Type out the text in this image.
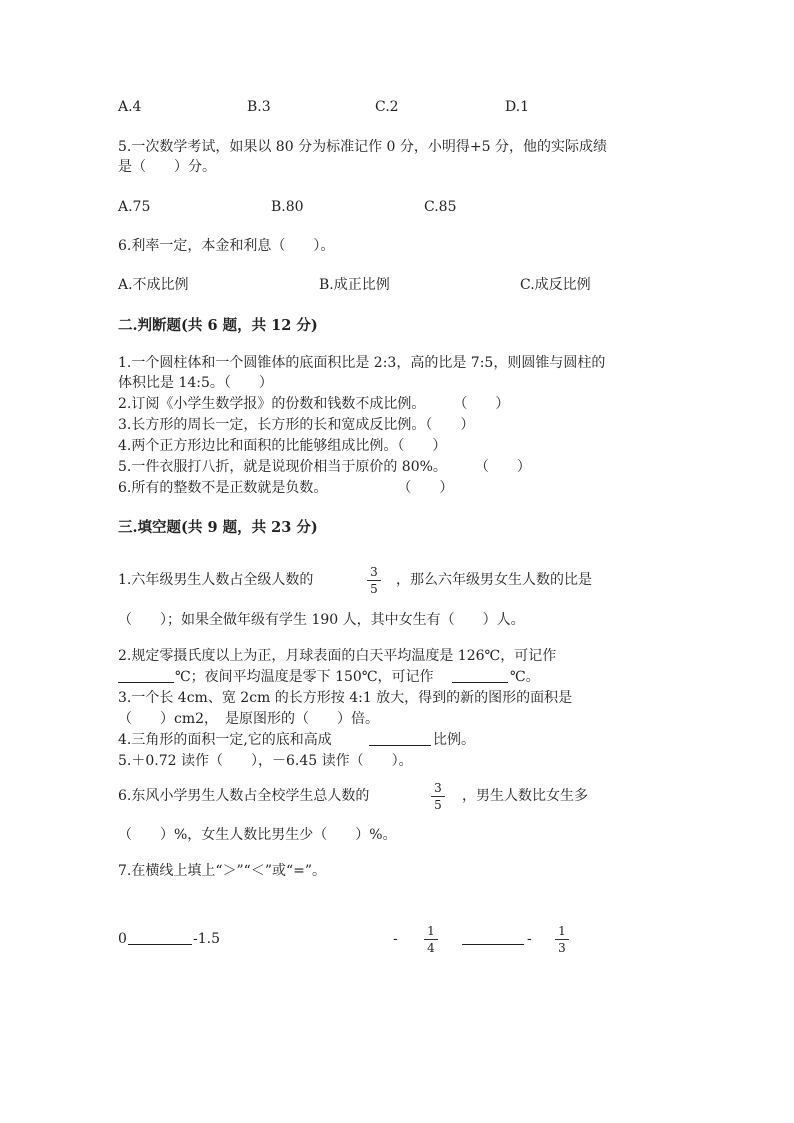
A.4	B.3	C.2	D.1
5.一次数学考试，如果以 80 分为标准记作 0 分，小明得+5 分，他的实际成绩
是（　　）分。
A.75	B.80	C.85
6.利率一定，本金和利息（　　）。
A.不成比例	B.成正比例	C.成反比例
二.判断题(共 6 题，共 12 分)
1.一个圆柱体和一个圆锥体的底面积比是 2:3，高的比是 7:5，则圆锥与圆柱的
体积比是 14:5。（　　）
2.订阅《小学生数学报》的份数和钱数不成比例。　　　（　　）
3.长方形的周长一定，长方形的长和宽成反比例。（　　）
4.两个正方形边比和面积的比能够组成比例。（　　）
5.一件衣服打八折，就是说现价相当于原价的 80%。　　　（　　）
6.所有的整数不是正数就是负数。　　　　　　（　　）
三.填空题(共 9 题，共 23 分)
1.六年级男生人数占全级人数的	3
5
，那么六年级男女生人数的比是
（　　）；如果全做年级有学生 190 人，其中女生有（　　）人。
2.规定零摄氏度以上为正，月球表面的白天平均温度是 126℃，可记作
℃；夜间平均温度是零下 150℃，可记作	℃。
3.一个长 4cm、宽 2cm 的长方形按 4:1 放大，得到的新的图形的面积是
（　　）cm2，　是原图形的（　　）倍。
4.三角形的面积一定,它的底和高成	比例。
5.＋0.72 读作（　　），－6.45 读作（　　）。
6.东风小学男生人数占全校学生总人数的	3
5
，男生人数比女生多
（　　）%，女生人数比男生少（　　）%。
7.在横线上填上“＞”“＜”或“=”。
0	-1.5	-	1
4
-	1
3
